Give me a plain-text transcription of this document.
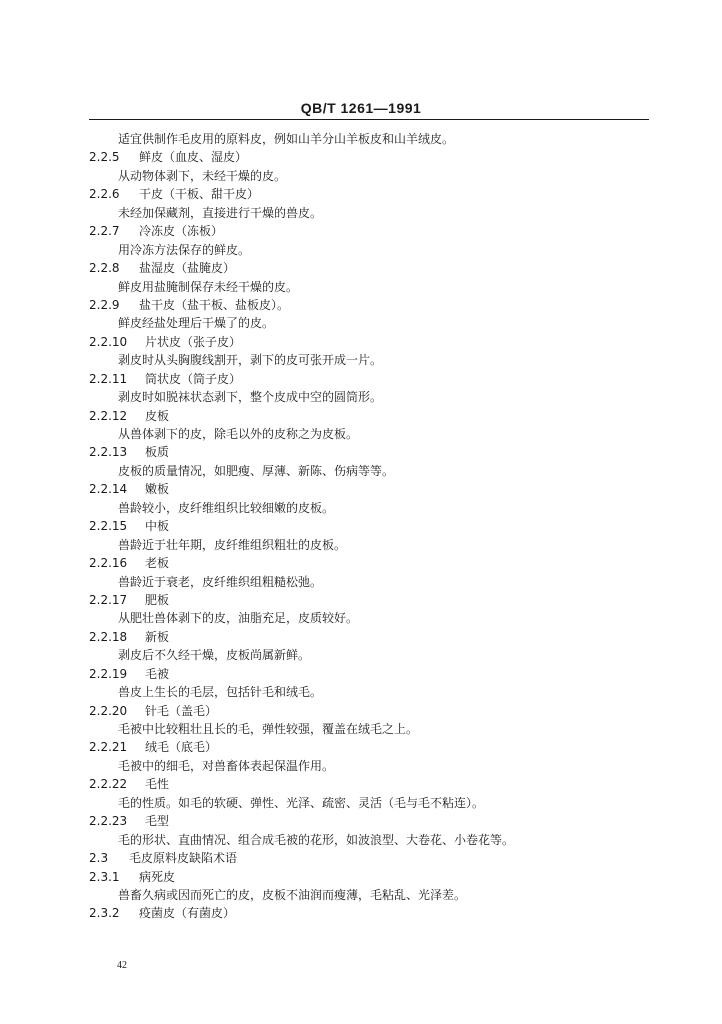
QB/T 1261—1991
适宜供制作毛皮用的原料皮，例如山羊分山羊板皮和山羊绒皮。
2.2.5 鲜皮（血皮、湿皮）
从动物体剥下，未经干燥的皮。
2.2.6 干皮（干板、甜干皮）
未经加保藏剂，直接进行干燥的兽皮。
2.2.7 冷冻皮（冻板）
用冷冻方法保存的鲜皮。
2.2.8 盐湿皮（盐腌皮）
鲜皮用盐腌制保存未经干燥的皮。
2.2.9 盐干皮（盐干板、盐板皮）。
鲜皮经盐处理后干燥了的皮。
2.2.10 片状皮（张子皮）
剥皮时从头胸腹线割开，剥下的皮可张开成一片。
2.2.11 筒状皮（筒子皮）
剥皮时如脱袜状态剥下，整个皮成中空的圆筒形。
2.2.12 皮板
从兽体剥下的皮，除毛以外的皮称之为皮板。
2.2.13 板质
皮板的质量情况，如肥瘦、厚薄、新陈、伤病等等。
2.2.14 嫩板
兽龄较小，皮纤维组织比较细嫩的皮板。
2.2.15 中板
兽龄近于壮年期，皮纤维组织粗壮的皮板。
2.2.16 老板
兽龄近于衰老，皮纤维织组粗糙松弛。
2.2.17 肥板
从肥壮兽体剥下的皮，油脂充足，皮质较好。
2.2.18 新板
剥皮后不久经干燥，皮板尚属新鲜。
2.2.19 毛被
兽皮上生长的毛层，包括针毛和绒毛。
2.2.20 针毛（盖毛）
毛被中比较粗壮且长的毛，弹性较强，覆盖在绒毛之上。
2.2.21 绒毛（底毛）
毛被中的细毛，对兽畜体表起保温作用。
2.2.22 毛性
毛的性质。如毛的软硬、弹性、光泽、疏密、灵活（毛与毛不粘连）。
2.2.23 毛型
毛的形状、直曲情况、组合成毛被的花形，如波浪型、大卷花、小卷花等。
2.3 毛皮原料皮缺陷术语
2.3.1 病死皮
兽畜久病或因而死亡的皮，皮板不油润而瘦薄，毛粘乱、光泽差。
2.3.2 疫菌皮（有菌皮）
42
